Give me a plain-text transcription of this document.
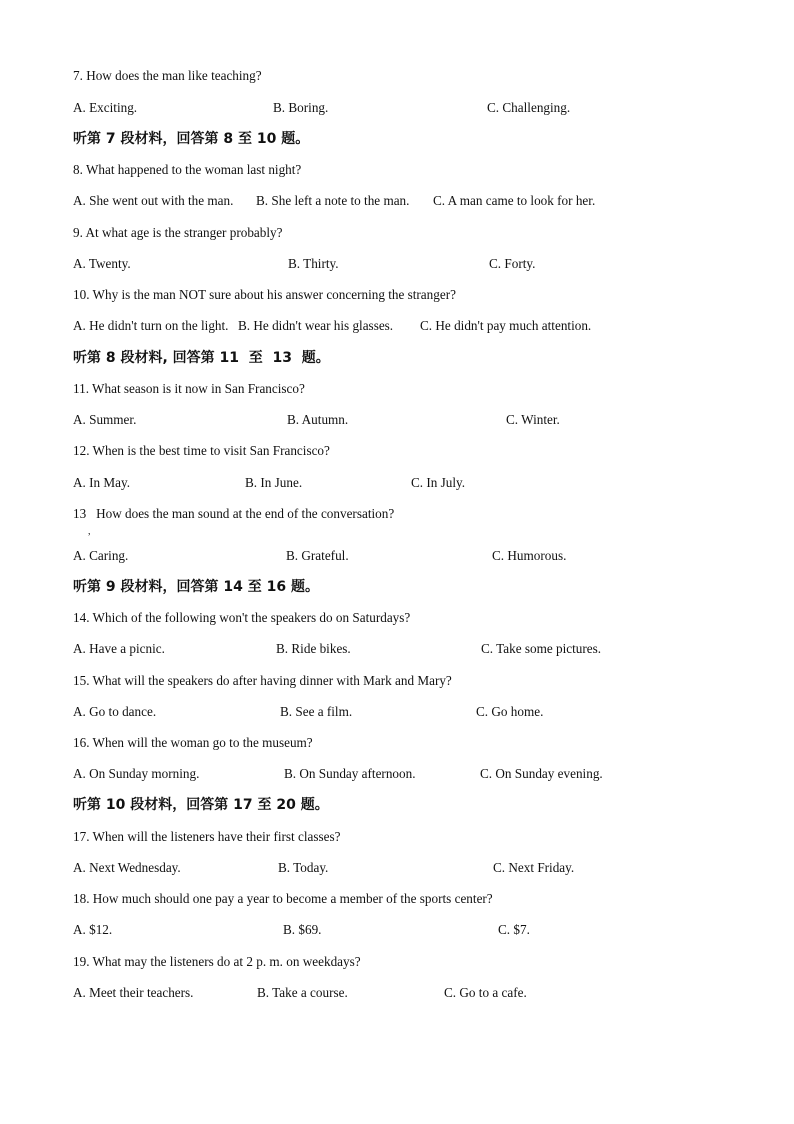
7. How does the man like teaching?
A. Exciting.	B. Boring.	C. Challenging.
听第 7 段材料，回答第 8 至 10 题。
8. What happened to the woman last night?
A. She went out with the man. B. She left a note to the man. C. A man came to look for her.
9. At what age is the stranger probably?
A. Twenty.	B. Thirty.	C. Forty.
10. Why is the man NOT sure about his answer concerning the stranger?
A. He didn't turn on the light. B. He didn't wear his glasses. C. He didn't pay much attention.
听第 8 段材料, 回答第 11  至  13  题。
11. What season is it now in San Francisco?
A. Summer.	B. Autumn.	C. Winter.
12. When is the best time to visit San Francisco?
A. In May.	B. In June.	C. In July.
13   How does the man sound at the end of the conversation?
,
A. Caring.	B. Grateful.	C. Humorous.
听第 9 段材料，回答第 14 至 16 题。
14. Which of the following won't the speakers do on Saturdays?
A. Have a picnic.	B. Ride bikes.	C. Take some pictures.
15. What will the speakers do after having dinner with Mark and Mary?
A. Go to dance.	B. See a film.	C. Go home.
16. When will the woman go to the museum?
A. On Sunday morning.	B. On Sunday afternoon.	C. On Sunday evening.
听第 10 段材料，回答第 17 至 20 题。
17. When will the listeners have their first classes?
A. Next Wednesday.	B. Today.	C. Next Friday.
18. How much should one pay a year to become a member of the sports center?
A. $12.	B. $69.	C. $7.
19. What may the listeners do at 2 p. m. on weekdays?
A. Meet their teachers.	B. Take a course.	C. Go to a cafe.
